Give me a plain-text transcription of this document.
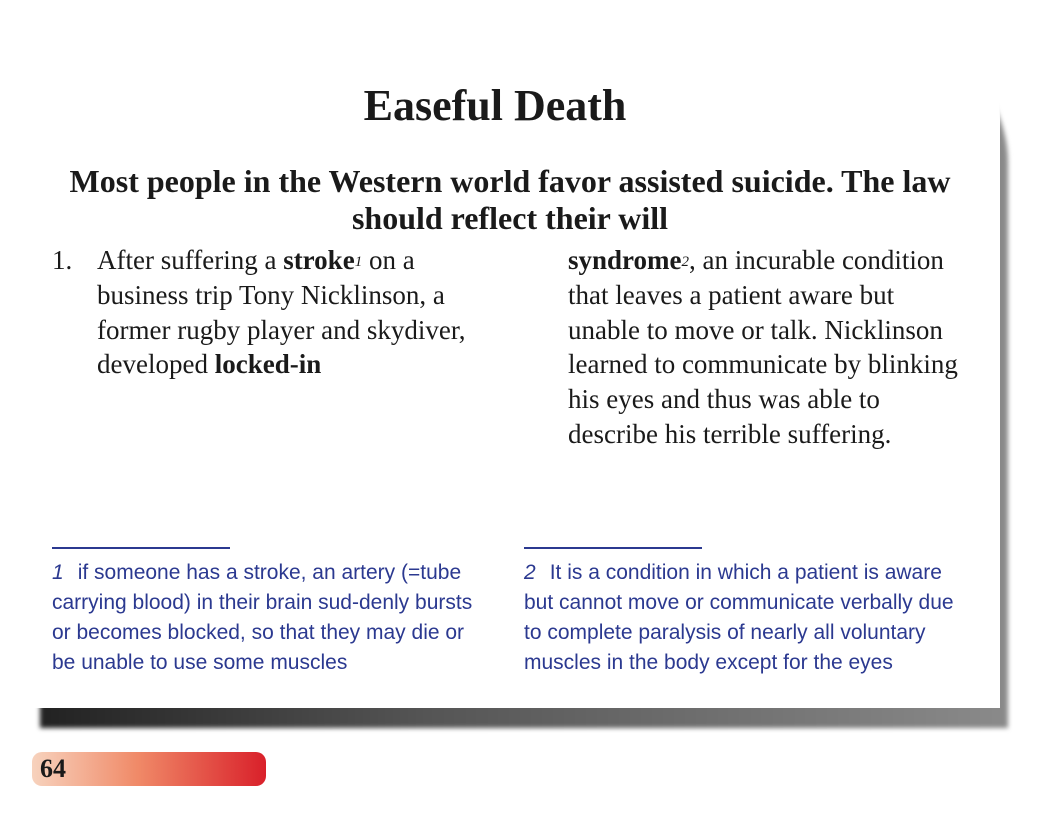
Easeful Death
Most people in the Western world favor assisted suicide. The law should reflect their will
1. After suffering a stroke$^1$ on a business trip Tony Nicklinson, a former rugby player and skydiver, developed locked-in

syndrome$^2$, an incurable condition that leaves a patient aware but unable to move or talk. Nicklinson learned to communicate by blinking his eyes and thus was able to describe his terrible suffering.

1 if someone has a stroke, an artery (=tube carrying blood) in their brain sud-denly bursts or becomes blocked, so that they may die or be unable to use some muscles

2 It is a condition in which a patient is aware but cannot move or communicate verbally due to complete paralysis of nearly all voluntary muscles in the body except for the eyes

64
